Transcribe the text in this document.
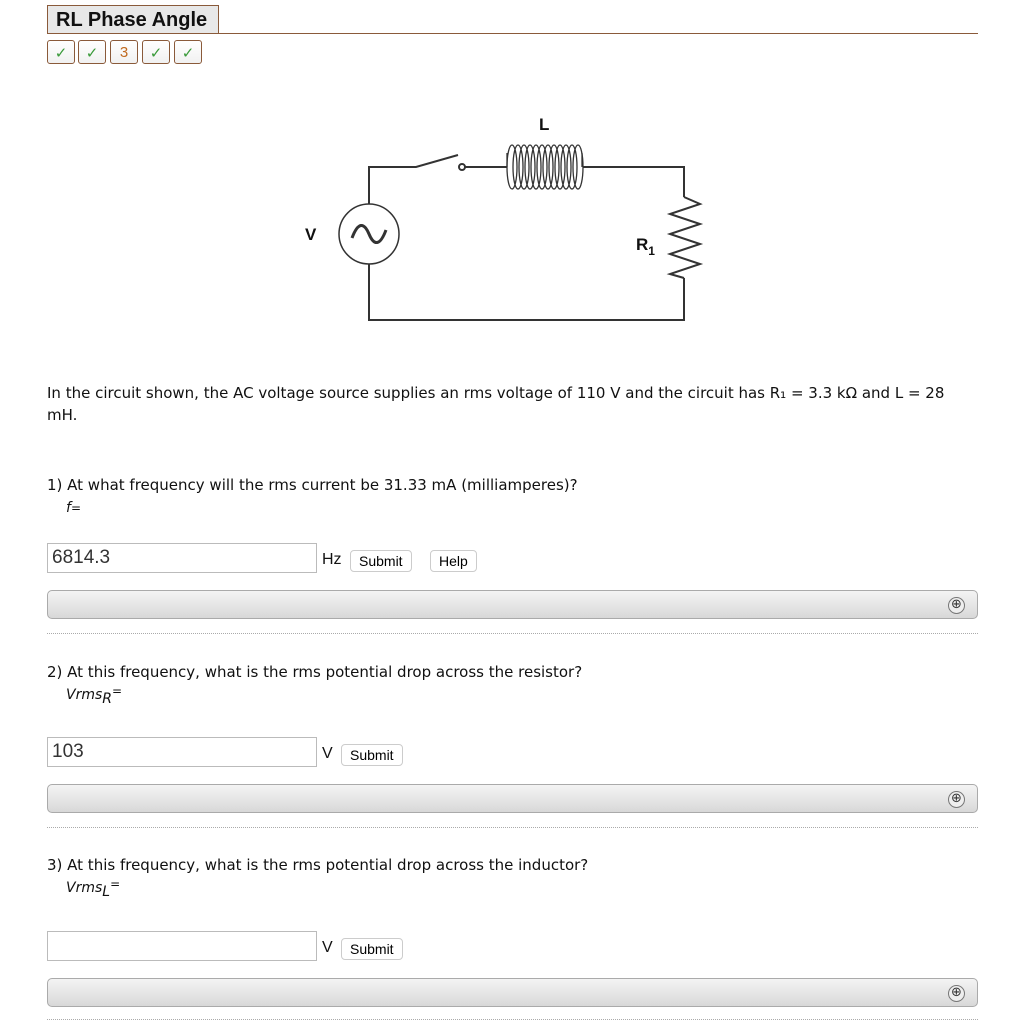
RL Phase Angle
✓	✓	3	✓	✓
L
V
$R_1$

In the circuit shown, the AC voltage source supplies an rms voltage of 110 V and the circuit has R₁ = 3.3 kΩ and L = 28 mH.

1) At what frequency will the rms current be 31.33 mA (milliamperes)?
f=
6814.3
Hz	Submit	Help
⊕
2) At this frequency, what is the rms potential drop across the resistor?
Vrms$_R$=
103
V	Submit
⊕
3) At this frequency, what is the rms potential drop across the inductor?
Vrms$_L$=
V	Submit
⊕
